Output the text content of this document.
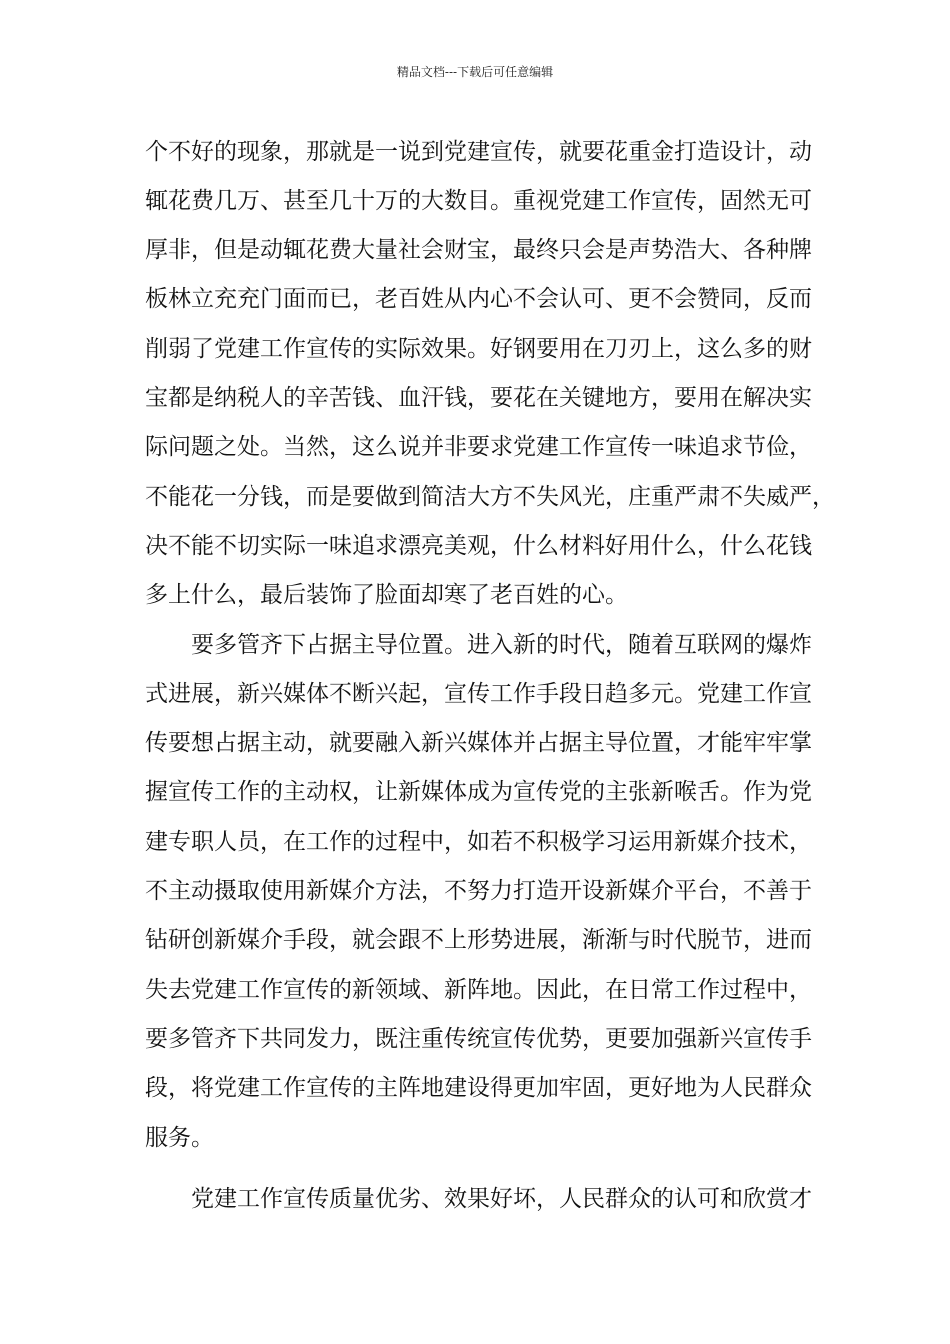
精品文档---下载后可任意编辑
个不好的现象，那就是一说到党建宣传，就要花重金打造设计，动
辄花费几万、甚至几十万的大数目。重视党建工作宣传，固然无可
厚非，但是动辄花费大量社会财宝，最终只会是声势浩大、各种牌
板林立充充门面而已，老百姓从内心不会认可、更不会赞同，反而
削弱了党建工作宣传的实际效果。好钢要用在刀刃上，这么多的财
宝都是纳税人的辛苦钱、血汗钱，要花在关键地方，要用在解决实
际问题之处。当然，这么说并非要求党建工作宣传一味追求节俭，
不能花一分钱，而是要做到简洁大方不失风光，庄重严肃不失威严，
决不能不切实际一味追求漂亮美观，什么材料好用什么，什么花钱
多上什么，最后装饰了脸面却寒了老百姓的心。
要多管齐下占据主导位置。进入新的时代，随着互联网的爆炸
式进展，新兴媒体不断兴起，宣传工作手段日趋多元。党建工作宣
传要想占据主动，就要融入新兴媒体并占据主导位置，才能牢牢掌
握宣传工作的主动权，让新媒体成为宣传党的主张新喉舌。作为党
建专职人员，在工作的过程中，如若不积极学习运用新媒介技术，
不主动摄取使用新媒介方法，不努力打造开设新媒介平台，不善于
钻研创新媒介手段，就会跟不上形势进展，渐渐与时代脱节，进而
失去党建工作宣传的新领域、新阵地。因此，在日常工作过程中，
要多管齐下共同发力，既注重传统宣传优势，更要加强新兴宣传手
段，将党建工作宣传的主阵地建设得更加牢固，更好地为人民群众
服务。
党建工作宣传质量优劣、效果好坏，人民群众的认可和欣赏才
